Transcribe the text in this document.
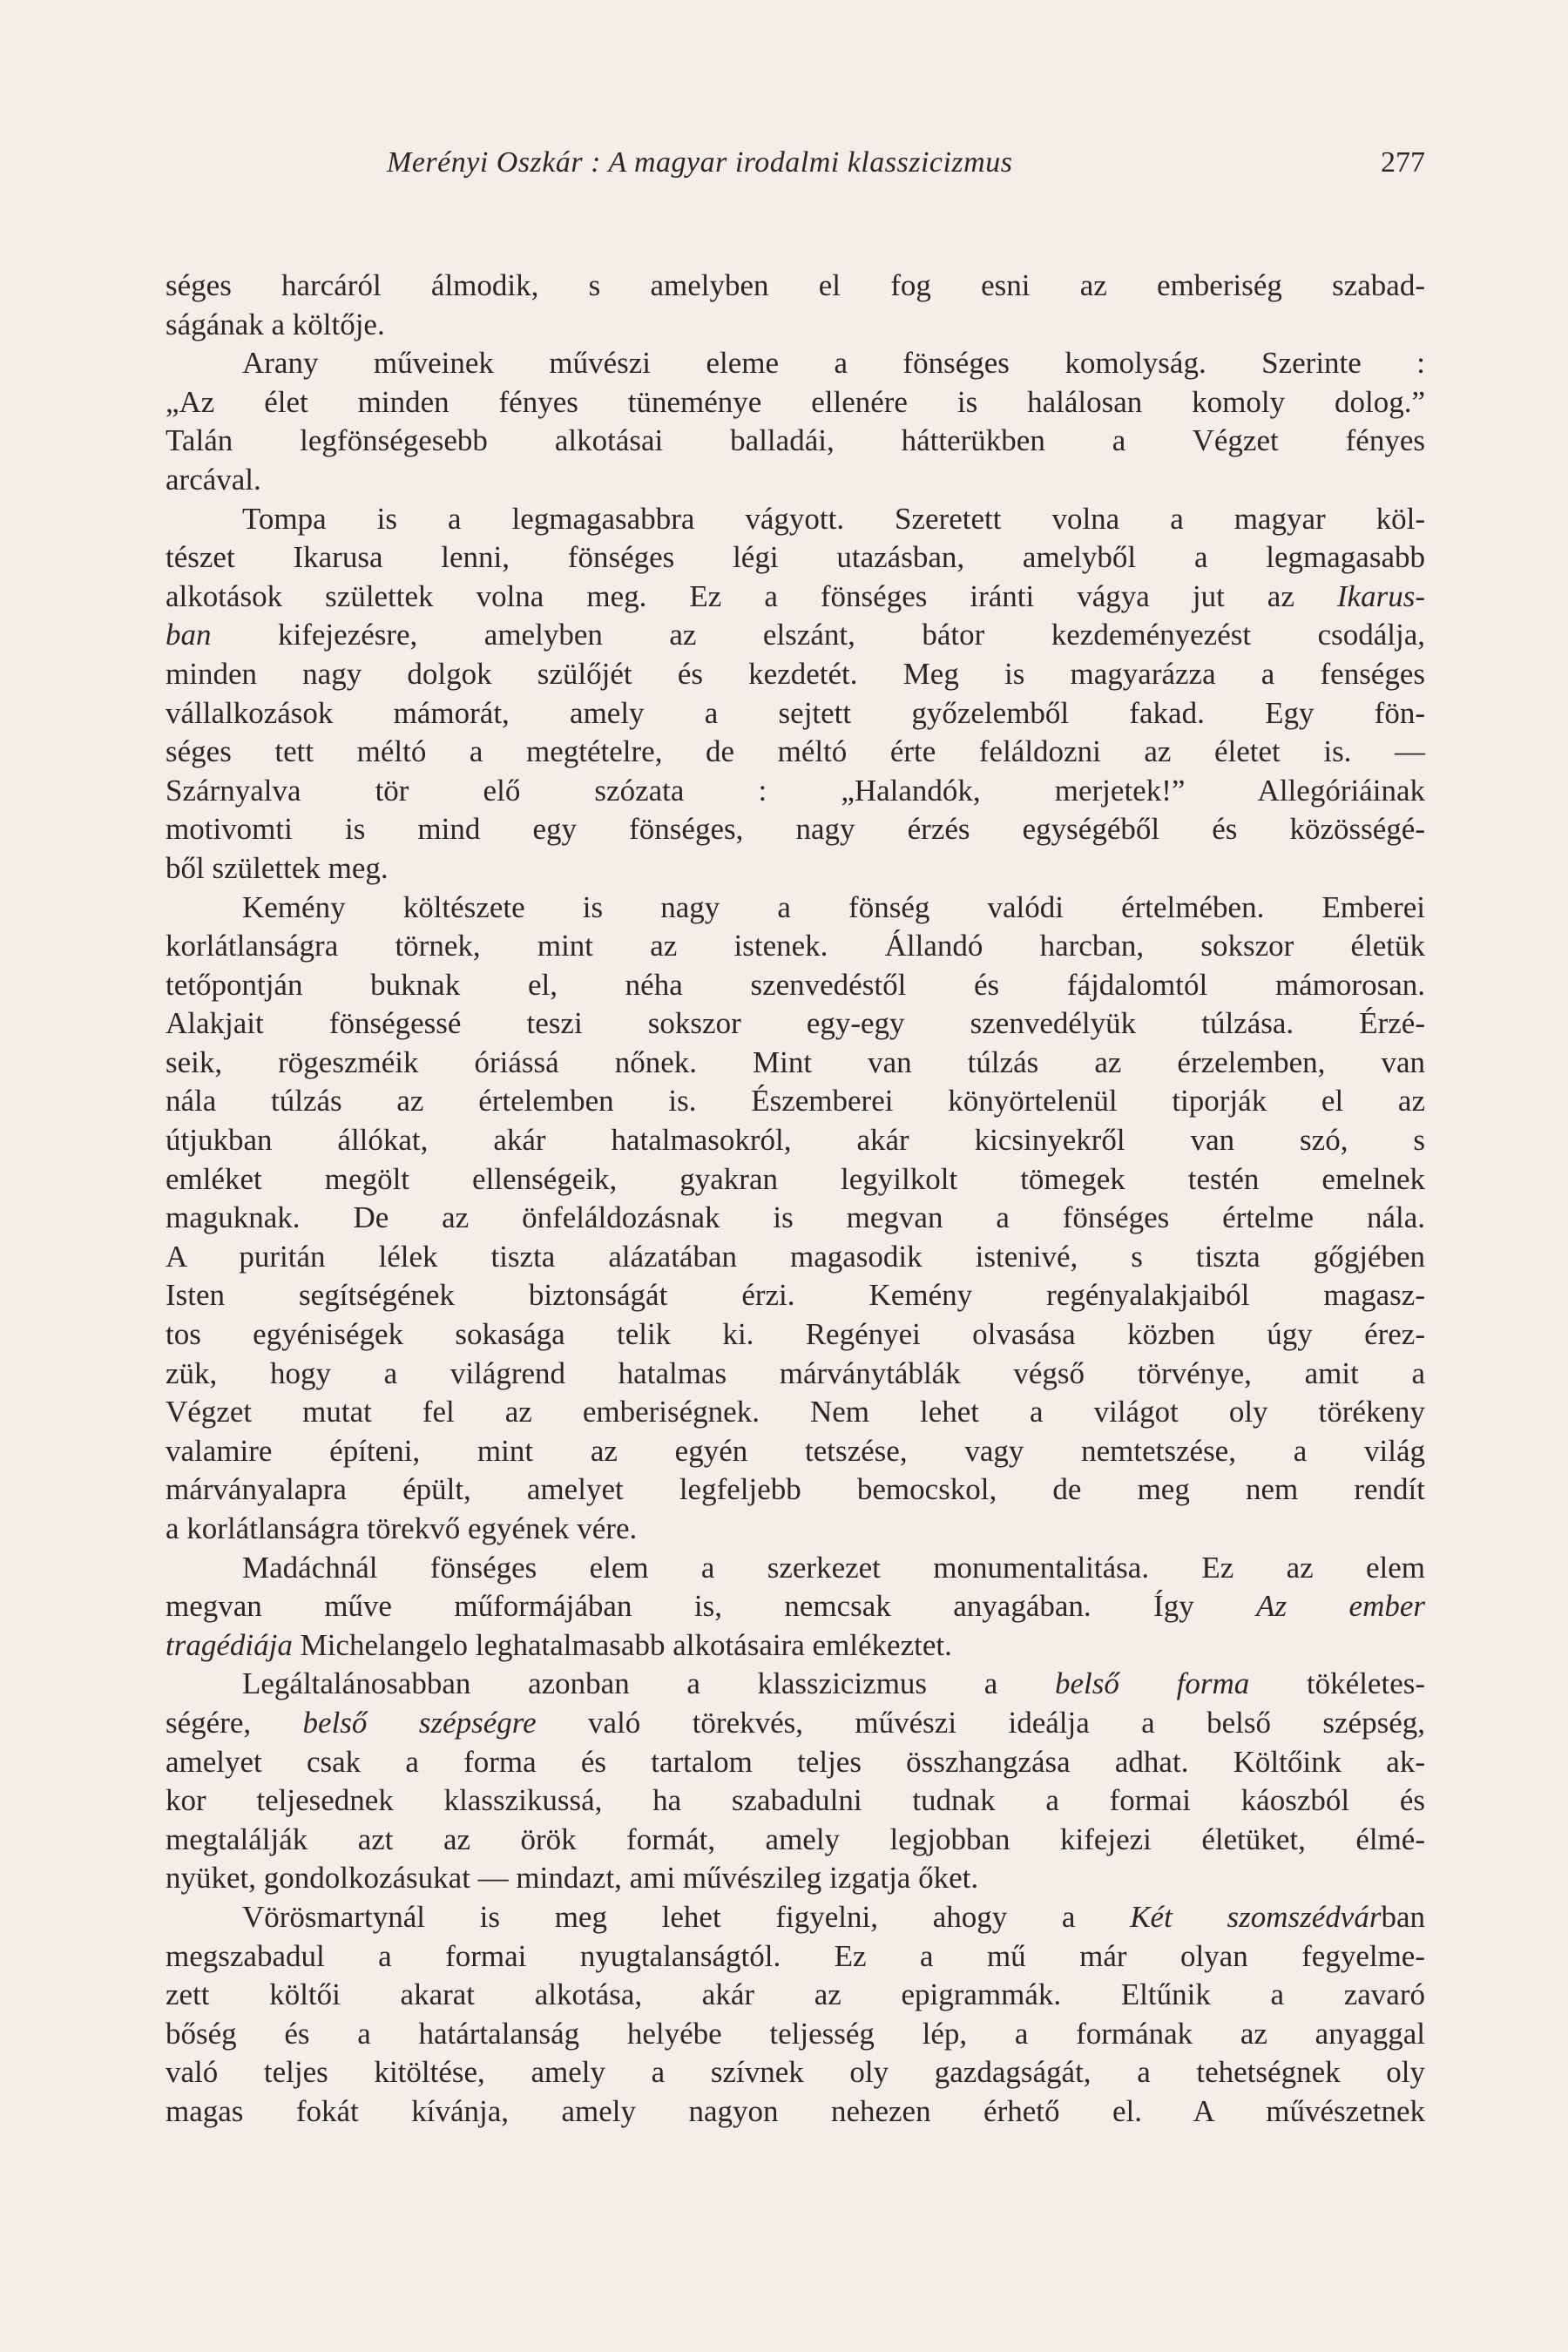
Merényi Oszkár : A magyar irodalmi klasszicizmus	277
séges harcáról álmodik, s amelyben el fog esni az emberiség szabad-
ságának a költője.
Arany műveinek művészi eleme a fönséges komolyság. Szerinte :
„Az élet minden fényes tüneménye ellenére is halálosan komoly dolog.”
Talán legfönségesebb alkotásai balladái, hátterükben a Végzet fényes
arcával.
Tompa is a legmagasabbra vágyott. Szeretett volna a magyar köl-
tészet Ikarusa lenni, fönséges légi utazásban, amelyből a legmagasabb
alkotások születtek volna meg. Ez a fönséges iránti vágya jut az Ikarus-
ban kifejezésre, amelyben az elszánt, bátor kezdeményezést csodálja,
minden nagy dolgok szülőjét és kezdetét. Meg is magyarázza a fenséges
vállalkozások mámorát, amely a sejtett győzelemből fakad. Egy fön-
séges tett méltó a megtételre, de méltó érte feláldozni az életet is. —
Szárnyalva tör elő szózata : „Halandók, merjetek!” Allegóriáinak
motivomti is mind egy fönséges, nagy érzés egységéből és közösségé-
ből születtek meg.
Kemény költészete is nagy a fönség valódi értelmében. Emberei
korlátlanságra törnek, mint az istenek. Állandó harcban, sokszor életük
tetőpontján buknak el, néha szenvedéstől és fájdalomtól mámorosan.
Alakjait fönségessé teszi sokszor egy-egy szenvedélyük túlzása. Érzé-
seik, rögeszméik óriássá nőnek. Mint van túlzás az érzelemben, van
nála túlzás az értelemben is. Észemberei könyörtelenül tiporják el az
útjukban állókat, akár hatalmasokról, akár kicsinyekről van szó, s
emléket megölt ellenségeik, gyakran legyilkolt tömegek testén emelnek
maguknak. De az önfeláldozásnak is megvan a fönséges értelme nála.
A puritán lélek tiszta alázatában magasodik istenivé, s tiszta gőgjében
Isten segítségének biztonságát érzi. Kemény regényalakjaiból magasz-
tos egyéniségek sokasága telik ki. Regényei olvasása közben úgy érez-
zük, hogy a világrend hatalmas márványtáblák végső törvénye, amit a
Végzet mutat fel az emberiségnek. Nem lehet a világot oly törékeny
valamire építeni, mint az egyén tetszése, vagy nemtetszése, a világ
márványalapra épült, amelyet legfeljebb bemocskol, de meg nem rendít
a korlátlanságra törekvő egyének vére.
Madáchnál fönséges elem a szerkezet monumentalitása. Ez az elem
megvan műve műformájában is, nemcsak anyagában. Így Az ember
tragédiája Michelangelo leghatalmasabb alkotásaira emlékeztet.
Legáltalánosabban azonban a klasszicizmus a belső forma tökéletes-
ségére, belső szépségre való törekvés, művészi ideálja a belső szépség,
amelyet csak a forma és tartalom teljes összhangzása adhat. Költőink ak-
kor teljesednek klasszikussá, ha szabadulni tudnak a formai káoszból és
megtalálják azt az örök formát, amely legjobban kifejezi életüket, élmé-
nyüket, gondolkozásukat — mindazt, ami művészileg izgatja őket.
Vörösmartynál is meg lehet figyelni, ahogy a Két szomszédvárban
megszabadul a formai nyugtalanságtól. Ez a mű már olyan fegyelme-
zett költői akarat alkotása, akár az epigrammák. Eltűnik a zavaró
bőség és a határtalanság helyébe teljesség lép, a formának az anyaggal
való teljes kitöltése, amely a szívnek oly gazdagságát, a tehetségnek oly
magas fokát kívánja, amely nagyon nehezen érhető el. A művészetnek
